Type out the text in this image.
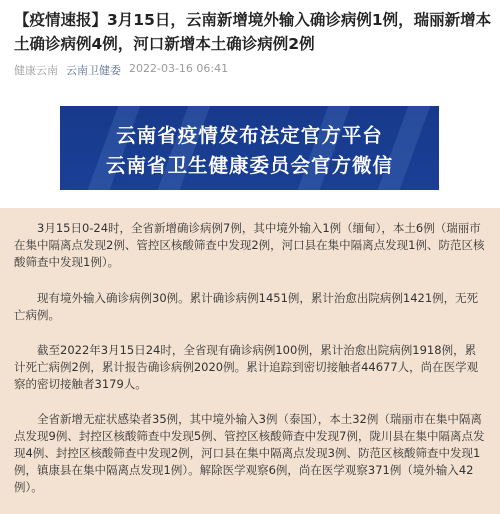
【疫情速报】3月15日，云南新增境外输入确诊病例1例，瑞丽新增本土确诊病例4例，河口新增本土确诊病例2例
健康云南 云南卫健委 2022-03-16 06:41
云南省疫情发布法定官方平台
云南省卫生健康委员会官方微信

3月15日0-24时，全省新增确诊病例7例，其中境外输入1例（缅甸），本土6例（瑞丽市在集中隔离点发现2例、管控区核酸筛查中发现2例，河口县在集中隔离点发现1例、防范区核酸筛查中发现1例）。

现有境外输入确诊病例30例。累计确诊病例1451例，累计治愈出院病例1421例，无死亡病例。

截至2022年3月15日24时，全省现有确诊病例100例，累计治愈出院病例1918例，累计死亡病例2例，累计报告确诊病例2020例。累计追踪到密切接触者44677人，尚在医学观察的密切接触者3179人。

全省新增无症状感染者35例，其中境外输入3例（泰国），本土32例（瑞丽市在集中隔离点发现9例、封控区核酸筛查中发现5例、管控区核酸筛查中发现7例，陇川县在集中隔离点发现4例、封控区核酸筛查中发现2例，河口县在集中隔离点发现3例、防范区核酸筛查中发现1例，镇康县在集中隔离点发现1例）。解除医学观察6例，尚在医学观察371例（境外输入42例）。
